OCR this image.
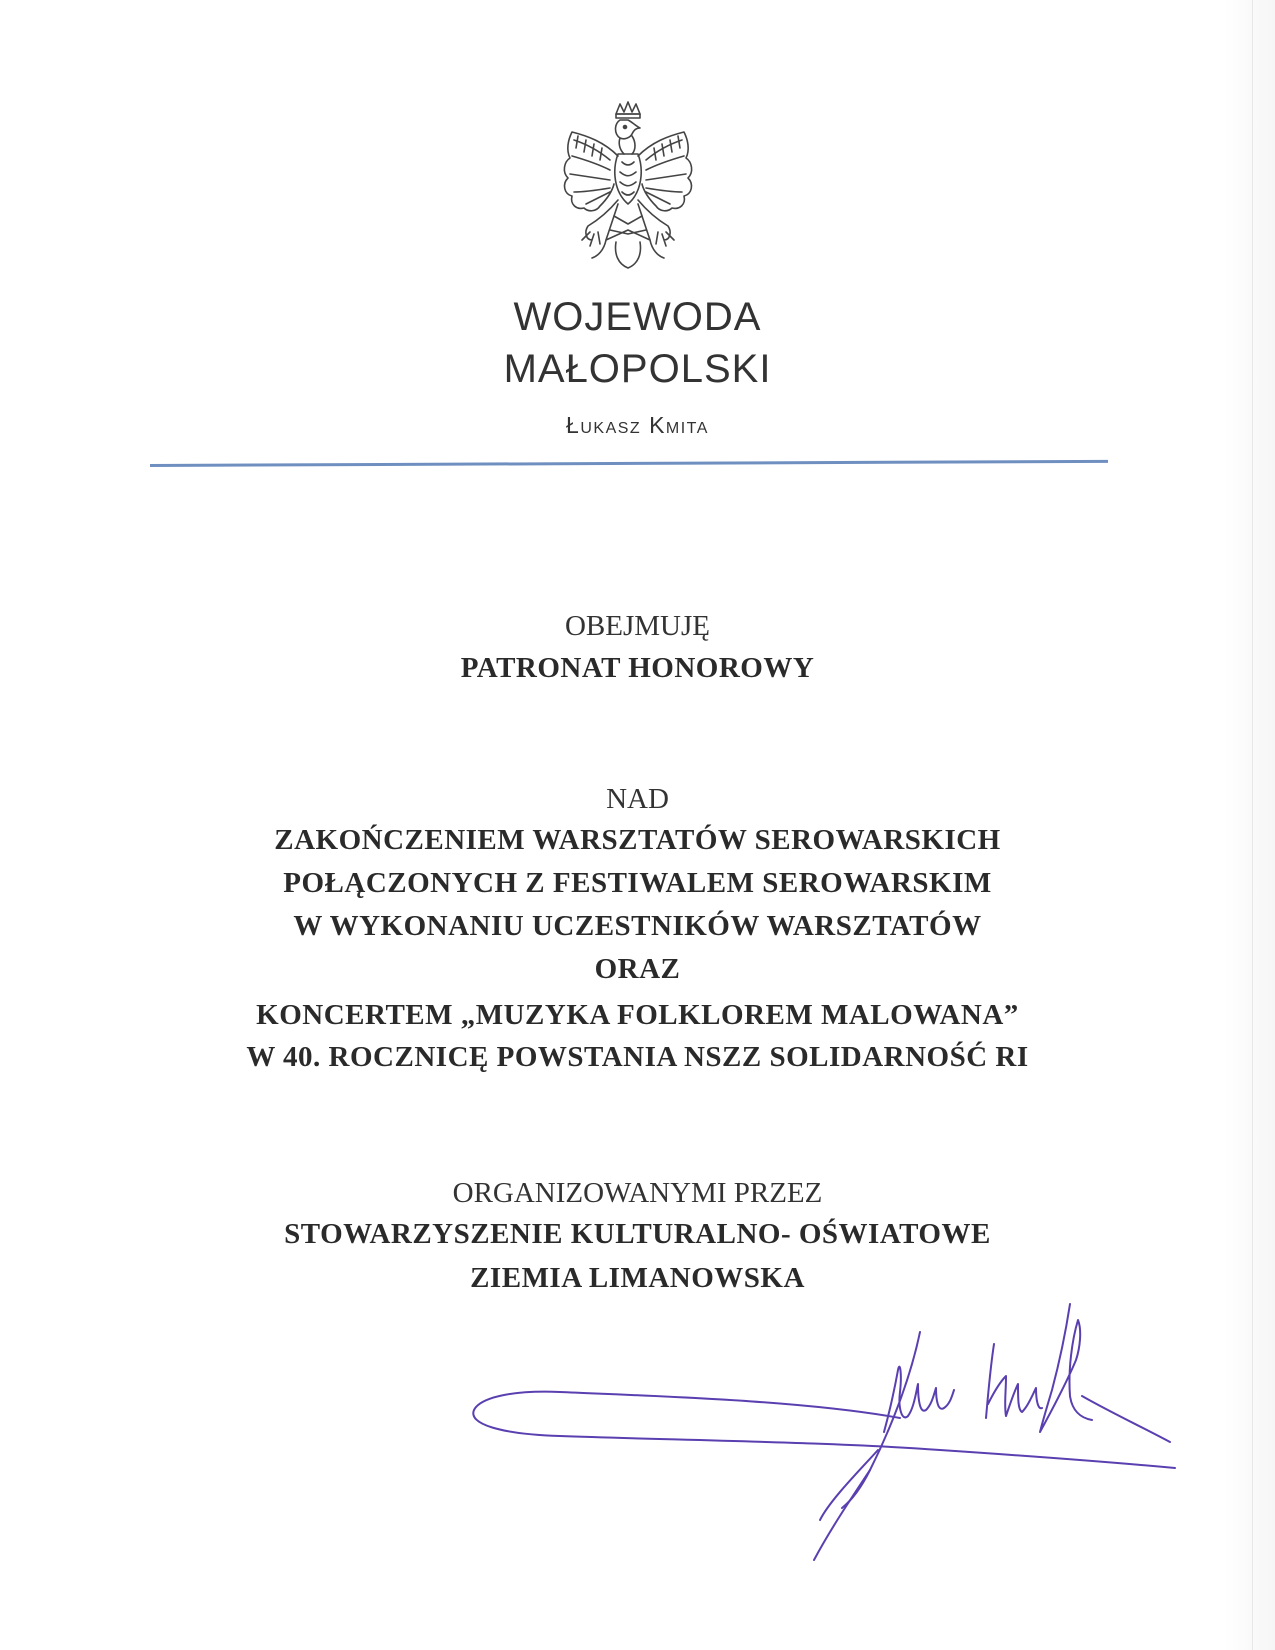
WOJEWODA
MAŁOPOLSKI
Łukasz Kmita

OBEJMUJĘ

PATRONAT HONOROWY

NAD

ZAKOŃCZENIEM WARSZTATÓW SEROWARSKICH

POŁĄCZONYCH Z FESTIWALEM SEROWARSKIM

W WYKONANIU UCZESTNIKÓW WARSZTATÓW

ORAZ

KONCERTEM „MUZYKA FOLKLOREM MALOWANA”

W 40. ROCZNICĘ POWSTANIA NSZZ SOLIDARNOŚĆ RI

ORGANIZOWANYMI PRZEZ

STOWARZYSZENIE KULTURALNO- OŚWIATOWE

ZIEMIA LIMANOWSKA
